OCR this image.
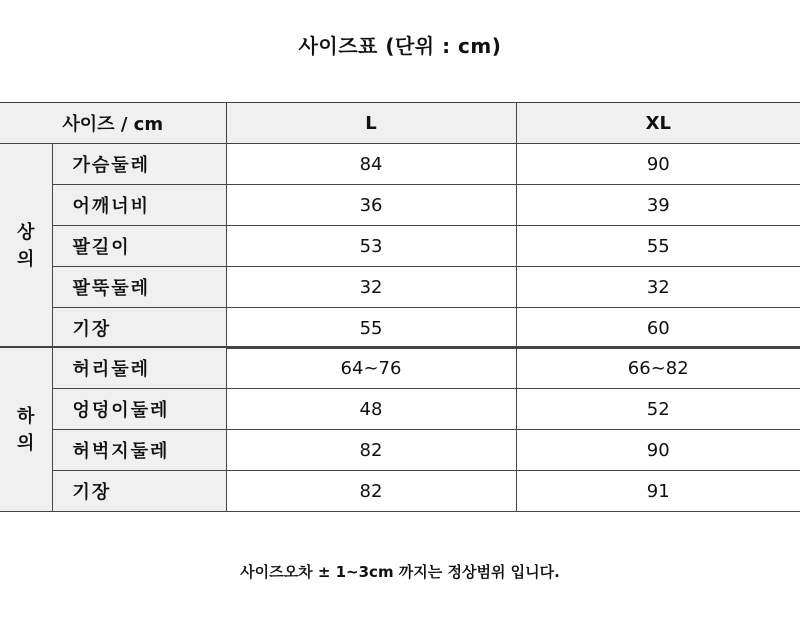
사이즈표 (단위 : cm)
사이즈 / cm		L	XL
상의	가슴둘레	84	90
	어깨너비	36	39
	팔길이	53	55
	팔뚝둘레	32	32
	기장	55	60
하의	허리둘레	64~76	66~82
	엉덩이둘레	48	52
	허벅지둘레	82	90
	기장	82	91
사이즈오차 ± 1~3cm 까지는 정상범위 입니다.
